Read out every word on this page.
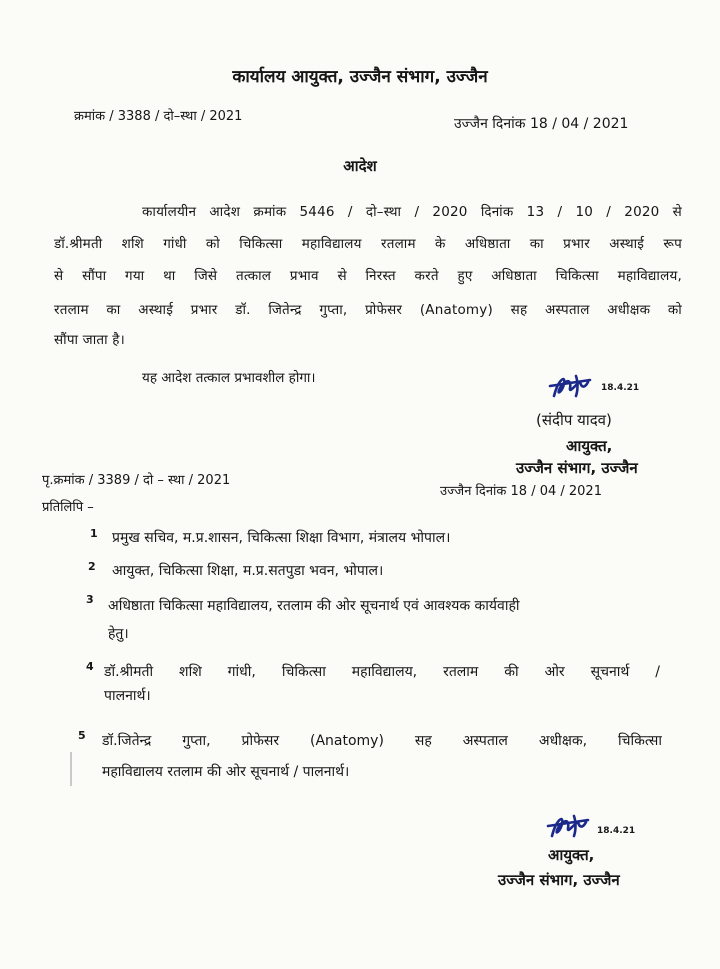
कार्यालय आयुक्त, उज्जैन संभाग, उज्जैन
क्रमांक / 3388 / दो–स्था / 2021	उज्जैन दिनांक 18 / 04 / 2021
आदेश
कार्यालयीन आदेश क्रमांक 5446 / दो–स्था / 2020 दिनांक 13 / 10 / 2020 से
डॉ.श्रीमती शशि गांधी को चिकित्सा महाविद्यालय रतलाम के अधिष्ठाता का प्रभार अस्थाई रूप
से सौंपा गया था जिसे तत्काल प्रभाव से निरस्त करते हुए अधिष्ठाता चिकित्सा महाविद्यालय,
रतलाम का अस्थाई प्रभार डॉ. जितेन्द्र गुप्ता, प्रोफेसर (Anatomy) सह अस्पताल अधीक्षक को
सौंपा जाता है।
यह आदेश तत्काल प्रभावशील होगा।
18.4.21
(संदीप यादव)
आयुक्त,
उज्जैन संभाग, उज्जैन
पृ.क्रमांक / 3389 / दो – स्था / 2021
उज्जैन दिनांक 18 / 04 / 2021
प्रतिलिपि –
1 प्रमुख सचिव, म.प्र.शासन, चिकित्सा शिक्षा विभाग, मंत्रालय भोपाल।
2 आयुक्त, चिकित्सा शिक्षा, म.प्र.सतपुडा भवन, भोपाल।
3 अधिष्ठाता चिकित्सा महाविद्यालय, रतलाम की ओर सूचनार्थ एवं आवश्यक कार्यवाही
हेतु।
4 डॉ.श्रीमती शशि गांधी, चिकित्सा महाविद्यालय, रतलाम की ओर सूचनार्थ /
पालनार्थ।
5 डॉ.जितेन्द्र गुप्ता, प्रोफेसर (Anatomy) सह अस्पताल अधीक्षक, चिकित्सा
महाविद्यालय रतलाम की ओर सूचनार्थ / पालनार्थ।
18.4.21
आयुक्त,
उज्जैन संभाग, उज्जैन
